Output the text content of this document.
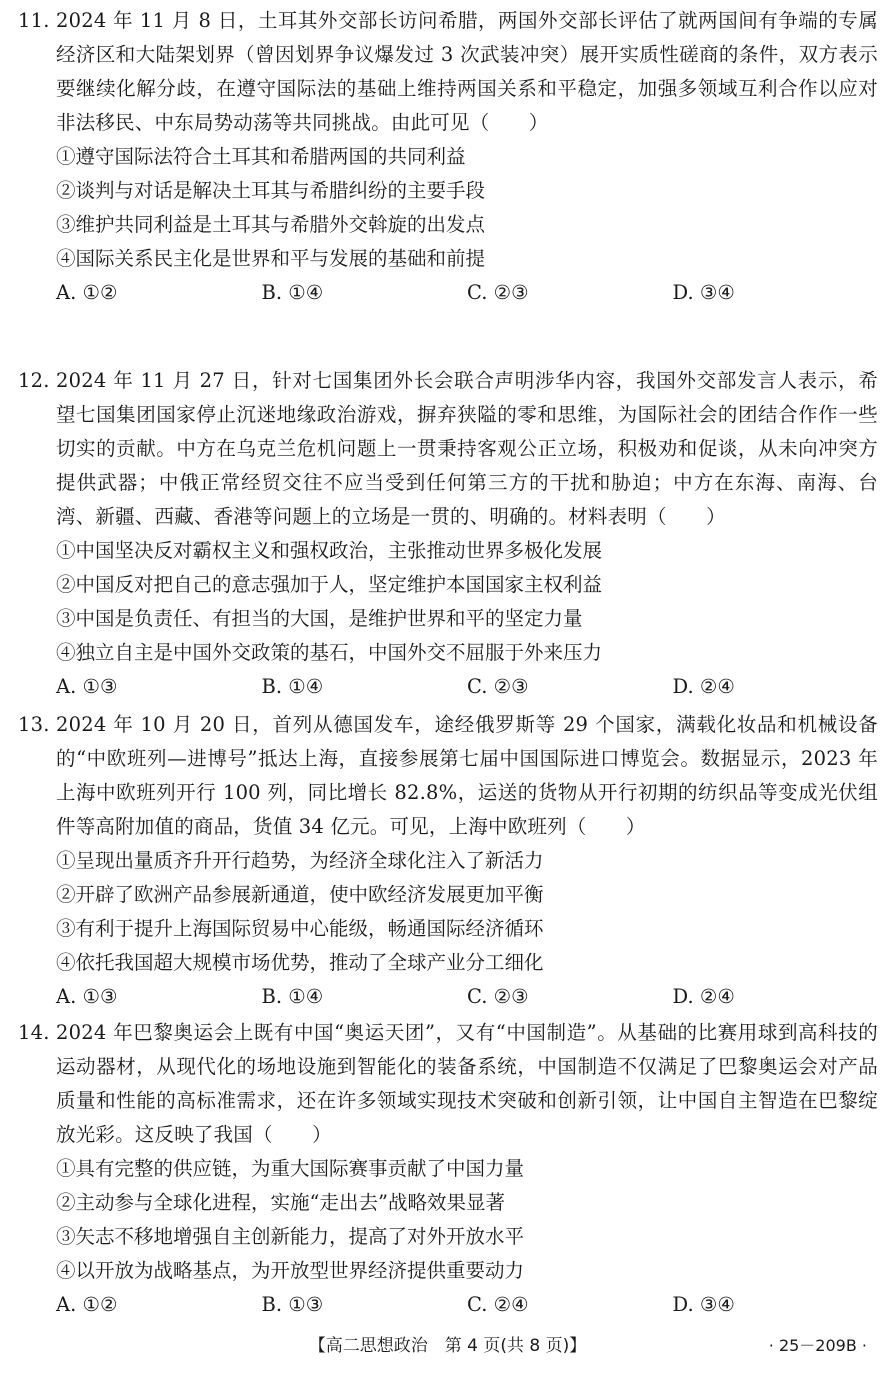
11. 2024 年 11 月 8 日，土耳其外交部长访问希腊，两国外交部长评估了就两国间有争端的专属经济区和大陆架划界（曾因划界争议爆发过 3 次武装冲突）展开实质性磋商的条件，双方表示要继续化解分歧，在遵守国际法的基础上维持两国关系和平稳定，加强多领域互利合作以应对非法移民、中东局势动荡等共同挑战。由此可见（　　）
①遵守国际法符合土耳其和希腊两国的共同利益
②谈判与对话是解决土耳其与希腊纠纷的主要手段
③维护共同利益是土耳其与希腊外交斡旋的出发点
④国际关系民主化是世界和平与发展的基础和前提
A. ①②	B. ①④	C. ②③	D. ③④
12. 2024 年 11 月 27 日，针对七国集团外长会联合声明涉华内容，我国外交部发言人表示，希望七国集团国家停止沉迷地缘政治游戏，摒弃狭隘的零和思维，为国际社会的团结合作作一些切实的贡献。中方在乌克兰危机问题上一贯秉持客观公正立场，积极劝和促谈，从未向冲突方提供武器；中俄正常经贸交往不应当受到任何第三方的干扰和胁迫；中方在东海、南海、台湾、新疆、西藏、香港等问题上的立场是一贯的、明确的。材料表明（　　）
①中国坚决反对霸权主义和强权政治，主张推动世界多极化发展
②中国反对把自己的意志强加于人，坚定维护本国国家主权利益
③中国是负责任、有担当的大国，是维护世界和平的坚定力量
④独立自主是中国外交政策的基石，中国外交不屈服于外来压力
A. ①③	B. ①④	C. ②③	D. ②④
13. 2024 年 10 月 20 日，首列从德国发车，途经俄罗斯等 29 个国家，满载化妆品和机械设备的“中欧班列—进博号”抵达上海，直接参展第七届中国国际进口博览会。数据显示，2023 年上海中欧班列开行 100 列，同比增长 82.8%，运送的货物从开行初期的纺织品等变成光伏组件等高附加值的商品，货值 34 亿元。可见，上海中欧班列（　　）
①呈现出量质齐升开行趋势，为经济全球化注入了新活力
②开辟了欧洲产品参展新通道，使中欧经济发展更加平衡
③有利于提升上海国际贸易中心能级，畅通国际经济循环
④依托我国超大规模市场优势，推动了全球产业分工细化
A. ①③	B. ①④	C. ②③	D. ②④
14. 2024 年巴黎奥运会上既有中国“奥运天团”，又有“中国制造”。从基础的比赛用球到高科技的运动器材，从现代化的场地设施到智能化的装备系统，中国制造不仅满足了巴黎奥运会对产品质量和性能的高标准需求，还在许多领域实现技术突破和创新引领，让中国自主智造在巴黎绽放光彩。这反映了我国（　　）
①具有完整的供应链，为重大国际赛事贡献了中国力量
②主动参与全球化进程，实施“走出去”战略效果显著
③矢志不移地增强自主创新能力，提高了对外开放水平
④以开放为战略基点，为开放型世界经济提供重要动力
A. ①②	B. ①③	C. ②④	D. ③④
【高二思想政治　第 4 页(共 8 页)】	· 25－209B ·
